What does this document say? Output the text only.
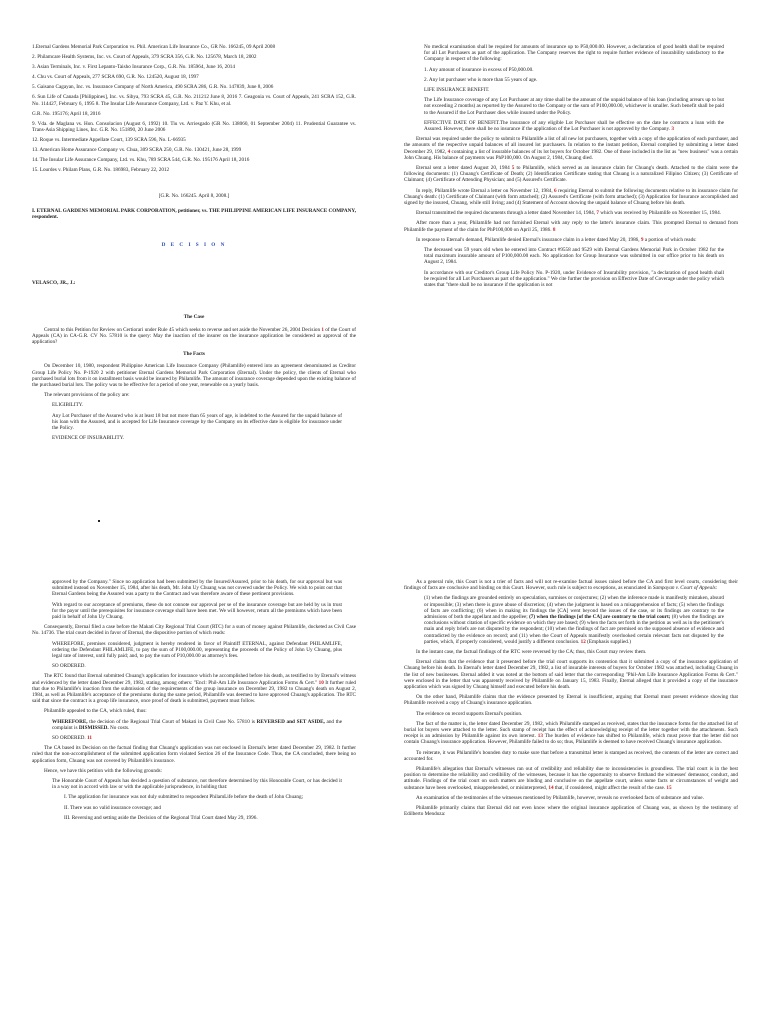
1.Eternal Gardens Memorial Park Corporation vs. Phil. American Life Insurance Co., GR No. 166245, 09 April 2008

2. Philamcare Health Systems, Inc. vs. Court of Appeals, 379 SCRA 356, G.R. No. 125678, March 18, 2002

3. Asian Terminals, Inc. v. First Lepanto-Taisho Insurance Corp., G.R. No. 185964, June 16, 2014

4. Chu vs. Court of Appeals, 277 SCRA 690, G.R. No. 124520, August 18, 1997

5. Gaisano Cagayan, Inc. vs. Insurance Company of North America, 490 SCRA 286, G.R. No. 147839, June 8, 2006

6. Sun Life of Canada [Philippines], Inc. vs. Sibya, 793 SCRA 45, G.R. No. 211212 June 8, 2016 7. Geagonia vs. Court of Appeals, 241 SCRA 152, G.R. No. 114427, February 6, 1995 8. The Insular Life Assurance Company, Ltd. v. Paz Y. Khu, et al.

G.R. No. 195176; April 18, 2016

9. Vda. de Maglana vs. Hon. Consolacion (August 6, 1992) 10. Tiu vs. Arriesgado (GR No. 138060, 01 September 2004) 11. Prudential Guarantee vs. Trans-Asia Shipping Lines, Inc. G.R. No. 151890, 20 June 2006

12. Roque vs. Intermediate Appellate Court, 139 SCRA 596, No. L-66935

13. American Home Assurance Company vs. Chua, 309 SCRA 250, G.R. No. 130421, June 28, 1999

14. The Insular Life Assurance Company, Ltd. vs. Khu, 789 SCRA 544, G.R. No. 195176 April 18, 2016

15. Lourdes v. Philam Plans, G.R. No. 186983, February 22, 2012

[G.R. No. 166245. April 8, 2008.]

I. ETERNAL GARDENS MEMORIAL PARK CORPORATION, petitioner, vs. THE PHILIPPINE AMERICAN LIFE INSURANCE COMPANY, respondent.

D E C I S I O N

VELASCO, JR., J.:

The Case

Central to this Petition for Review on Certiorari under Rule 45 which seeks to reverse and set aside the November 26, 2004 Decision 1 of the Court of Appeals (CA) in CA-G.R. CV No. 57810 is the query: May the inaction of the insurer on the insurance application be considered as approval of the application?

The Facts

On December 10, 1980, respondent Philippine American Life Insurance Company (Philamlife) entered into an agreement denominated as Creditor Group Life Policy No. P-1920 2 with petitioner Eternal Gardens Memorial Park Corporation (Eternal). Under the policy, the clients of Eternal who purchased burial lots from it on installment basis would be insured by Philamlife. The amount of insurance coverage depended upon the existing balance of the purchased burial lots. The policy was to be effective for a period of one year, renewable on a yearly basis.

The relevant provisions of the policy are:

ELIGIBILITY.

Any Lot Purchaser of the Assured who is at least 18 but not more than 65 years of age, is indebted to the Assured for the unpaid balance of his loan with the Assured, and is accepted for Life Insurance coverage by the Company on its effective date is eligible for insurance under the Policy.

EVIDENCE OF INSURABILITY.

No medical examination shall be required for amounts of insurance up to P50,000.00. However, a declaration of good health shall be required for all Lot Purchasers as part of the application. The Company reserves the right to require further evidence of insurability satisfactory to the Company in respect of the following:

1. Any amount of insurance in excess of P50,000.00.

2. Any lot purchaser who is more than 55 years of age.

LIFE INSURANCE BENEFIT.

The Life Insurance coverage of any Lot Purchaser at any time shall be the amount of the unpaid balance of his loan (including arrears up to but not exceeding 2 months) as reported by the Assured to the Company or the sum of P100,000.00, whichever is smaller. Such benefit shall be paid to the Assured if the Lot Purchaser dies while insured under the Policy.

EFFECTIVE DATE OF BENEFIT.The insurance of any eligible Lot Purchaser shall be effective on the date he contracts a loan with the Assured. However, there shall be no insurance if the application of the Lot Purchaser is not approved by the Company. 3

Eternal was required under the policy to submit to Philamlife a list of all new lot purchasers, together with a copy of the application of each purchaser, and the amounts of the respective unpaid balances of all insured lot purchasers. In relation to the instant petition, Eternal complied by submitting a letter dated December 29, 1982, 4 containing a list of insurable balances of its lot buyers for October 1982. One of those included in the list as "new business" was a certain John Chuang. His balance of payments was PhP100,000. On August 2, 1984, Chuang died.

Eternal sent a letter dated August 20, 1984 5 to Philamlife, which served as an insurance claim for Chuang's death. Attached to the claim were the following documents: (1) Chuang's Certificate of Death; (2) Identification Certificate stating that Chuang is a naturalized Filipino Citizen; (3) Certificate of Claimant; (4) Certificate of Attending Physician; and (5) Assured's Certificate.

In reply, Philamlife wrote Eternal a letter on November 12, 1984, 6 requiring Eternal to submit the following documents relative to its insurance claim for Chuang's death: (1) Certificate of Claimant (with form attached); (2) Assured's Certificate (with form attached); (3) Application for Insurance accomplished and signed by the insured, Chuang, while still living; and (4) Statement of Account showing the unpaid balance of Chuang before his death.

Eternal transmitted the required documents through a letter dated November 14, 1984, 7 which was received by Philamlife on November 15, 1984.

After more than a year, Philamlife had not furnished Eternal with any reply to the latter's insurance claim. This prompted Eternal to demand from Philamlife the payment of the claim for PhP100,000 on April 25, 1986. 8

In response to Eternal's demand, Philamlife denied Eternal's insurance claim in a letter dated May 20, 1986, 9 a portion of which reads:

The deceased was 59 years old when he entered into Contract #9558 and 9529 with Eternal Gardens Memorial Park in October 1982 for the total maximum insurable amount of P100,000.00 each. No application for Group Insurance was submitted in our office prior to his death on August 2, 1984.

In accordance with our Creditor's Group Life Policy No. P-1920, under Evidence of Insurability provision, "a declaration of good health shall be required for all Lot Purchasers as part of the application." We cite further the provision on Effective Date of Coverage under the policy which states that "there shall be no insurance if the application is not

approved by the Company." Since no application had been submitted by the Insured/Assured, prior to his death, for our approval but was submitted instead on November 15, 1984, after his death, Mr. John Uy Chuang was not covered under the Policy. We wish to point out that Eternal Gardens being the Assured was a party to the Contract and was therefore aware of these pertinent provisions.

With regard to our acceptance of premiums, these do not connote our approval per se of the insurance coverage but are held by us in trust for the payor until the prerequisites for insurance coverage shall have been met. We will however, return all the premiums which have been paid in behalf of John Uy Chuang.

Consequently, Eternal filed a case before the Makati City Regional Trial Court (RTC) for a sum of money against Philamlife, docketed as Civil Case No. 14736. The trial court decided in favor of Eternal, the dispositive portion of which reads:

WHEREFORE, premises considered, judgment is hereby rendered in favor of Plaintiff ETERNAL, against Defendant PHILAMLIFE, ordering the Defendant PHILAMLIFE, to pay the sum of P100,000.00, representing the proceeds of the Policy of John Uy Chuang, plus legal rate of interest, until fully paid; and, to pay the sum of P10,000.00 as attorney's fees.

SO ORDERED.

The RTC found that Eternal submitted Chuang's application for insurance which he accomplished before his death, as testified to by Eternal's witness and evidenced by the letter dated December 29, 1982, stating, among others: "Encl: Phil-Am Life Insurance Application Forms & Cert." 10 It further ruled that due to Philamlife's inaction from the submission of the requirements of the group insurance on December 29, 1982 to Chuang's death on August 2, 1984, as well as Philamlife's acceptance of the premiums during the same period, Philamlife was deemed to have approved Chuang's application. The RTC said that since the contract is a group life insurance, once proof of death is submitted, payment must follow.

Philamlife appealed to the CA, which ruled, thus:

WHEREFORE, the decision of the Regional Trial Court of Makati in Civil Case No. 57810 is REVERSED and SET ASIDE, and the complaint is DISMISSED. No costs.

SO ORDERED. 11

The CA based its Decision on the factual finding that Chuang's application was not enclosed in Eternal's letter dated December 29, 1982. It further ruled that the non-accomplishment of the submitted application form violated Section 26 of the Insurance Code. Thus, the CA concluded, there being no application form, Chuang was not covered by Philamlife's insurance.

Hence, we have this petition with the following grounds:

The Honorable Court of Appeals has decided a question of substance, not therefore determined by this Honorable Court, or has decided it in a way not in accord with law or with the applicable jurisprudence, in holding that:

I. The application for insurance was not duly submitted to respondent PhilamLife before the death of John Chuang;

II. There was no valid insurance coverage; and

III. Reversing and setting aside the Decision of the Regional Trial Court dated May 29, 1996.

As a general rule, this Court is not a trier of facts and will not re-examine factual issues raised before the CA and first level courts, considering their findings of facts are conclusive and binding on this Court. However, such rule is subject to exceptions, as enunciated in Sampayan v. Court of Appeals:

(1) when the findings are grounded entirely on speculation, surmises or conjectures; (2) when the inference made is manifestly mistaken, absurd or impossible; (3) when there is grave abuse of discretion; (4) when the judgment is based on a misapprehension of facts; (5) when the findings of facts are conflicting; (6) when in making its findings the [CA] went beyond the issues of the case, or its findings are contrary to the admissions of both the appellant and the appellee; (7) when the findings [of the CA] are contrary to the trial court; (8) when the findings are conclusions without citation of specific evidence on which they are based; (9) when the facts set forth in the petition as well as in the petitioner's main and reply briefs are not disputed by the respondent; (10) when the findings of fact are premised on the supposed absence of evidence and contradicted by the evidence on record; and (11) when the Court of Appeals manifestly overlooked certain relevant facts not disputed by the parties, which, if properly considered, would justify a different conclusion. 12 (Emphasis supplied.)

In the instant case, the factual findings of the RTC were reversed by the CA; thus, this Court may review them.

Eternal claims that the evidence that it presented before the trial court supports its contention that it submitted a copy of the insurance application of Chuang before his death. In Eternal's letter dated December 29, 1982, a list of insurable interests of buyers for October 1982 was attached, including Chuang in the list of new businesses. Eternal added it was noted at the bottom of said letter that the corresponding "Phil-Am Life Insurance Application Forms & Cert." were enclosed in the letter that was apparently received by Philamlife on January 15, 1983. Finally, Eternal alleged that it provided a copy of the insurance application which was signed by Chuang himself and executed before his death.

On the other hand, Philamlife claims that the evidence presented by Eternal is insufficient, arguing that Eternal must present evidence showing that Philamlife received a copy of Chuang's insurance application.

The evidence on record supports Eternal's position.

The fact of the matter is, the letter dated December 29, 1982, which Philamlife stamped as received, states that the insurance forms for the attached list of burial lot buyers were attached to the letter. Such stamp of receipt has the effect of acknowledging receipt of the letter together with the attachments. Such receipt is an admission by Philamlife against its own interest. 13 The burden of evidence has shifted to Philamlife, which must prove that the letter did not contain Chuang's insurance application. However, Philamlife failed to do so; thus, Philamlife is deemed to have received Chuang's insurance application.

To reiterate, it was Philamlife's bounden duty to make sure that before a transmittal letter is stamped as received, the contents of the letter are correct and accounted for.

Philamlife's allegation that Eternal's witnesses ran out of credibility and reliability due to inconsistencies is groundless. The trial court is in the best position to determine the reliability and credibility of the witnesses, because it has the opportunity to observe firsthand the witnesses' demeanor, conduct, and attitude. Findings of the trial court on such matters are binding and conclusive on the appellate court, unless some facts or circumstances of weight and substance have been overlooked, misapprehended, or misinterpreted, 14 that, if considered, might affect the result of the case. 15

An examination of the testimonies of the witnesses mentioned by Philamlife, however, reveals no overlooked facts of substance and value.

Philamlife primarily claims that Eternal did not even know where the original insurance application of Chuang was, as shown by the testimony of Edilberto Mendoza:
